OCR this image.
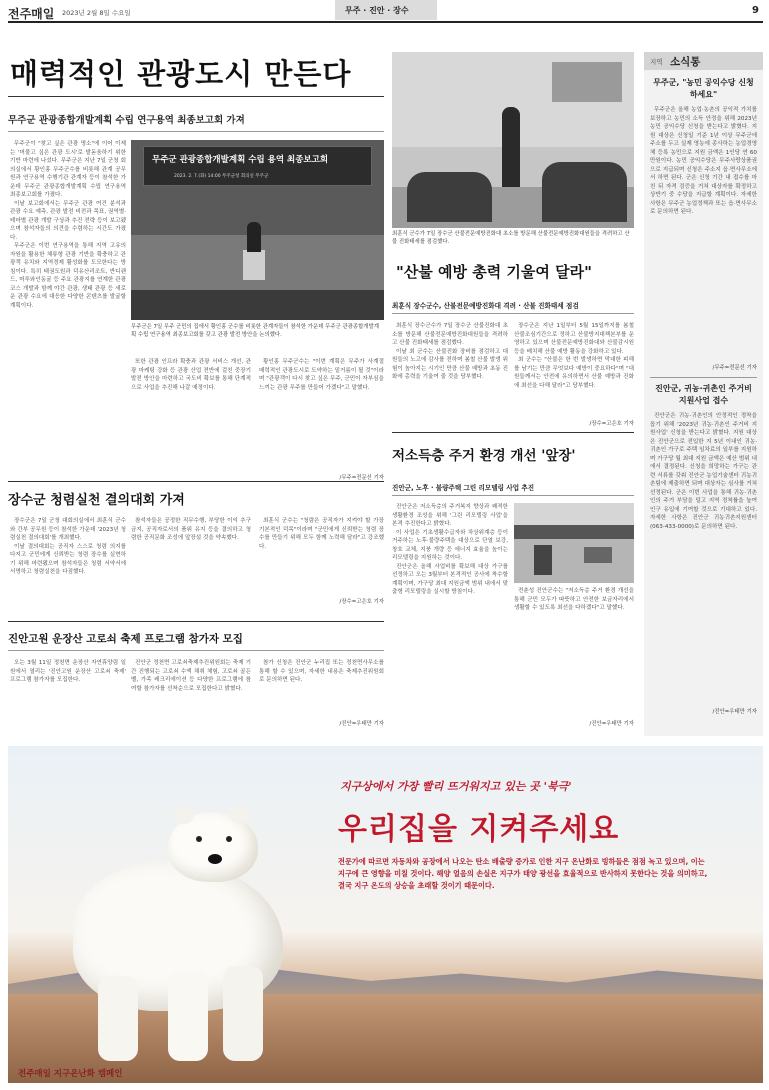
전주매일 2023년 2월 8일 수요일	무주 · 진안 · 장수	9
매력적인 관광도시 만든다
무주군 관광종합개발계획 수립 연구용역 최종보고회 가져

무주군이 "찾고 싶은 관광 명소"에 이어 이제는 '머물고 싶은 관광 도시'로 발돋움하기 위한 기반 마련에 나섰다. 무주군은 지난 7일 군청 회의실에서 황인홍 무주군수를 비롯해 관계 공무원과 연구용역 수행기관 관계자 등이 참석한 가운데 무주군 관광종합개발계획 수립 연구용역 최종보고회를 가졌다.

이날 보고회에서는 무주군 관광 여건 분석과 관광 수요 예측, 관광 발전 비전과 목표, 권역별·테마별 관광 개발 구상과 추진 전략 등이 보고됐으며 참석자들의 의견을 수렴하는 시간도 가졌다.

무주군은 이번 연구용역을 통해 지역 고유의 자원을 활용한 체류형 관광 기반을 확충하고 관광객 유치와 지역경제 활성화를 도모한다는 방침이다. 특히 태권도원과 덕유산리조트, 반디랜드, 머루와인동굴 등 주요 관광지를 연계한 관광 코스 개발과 함께 야간 관광, 생태 관광 등 새로운 관광 수요에 대응한 다양한 콘텐츠를 발굴할 계획이다.

무주군 관광종합개발계획 수립 용역 최종보고회
2023. 2. 7.(화) 14:00 무주군청 회의실 무주군
무주군은 7일 무주 군민의 집에서 황인홍 군수를 비롯한 관계자들이 참석한 가운데 무주군 관광종합개발계획 수립 연구용역 최종보고회를 갖고 관광 발전 방안을 논의했다.

또한 관광 인프라 확충과 관광 서비스 개선, 관광 마케팅 강화 등 관광 산업 전반에 걸친 중장기 발전 방안을 마련하고 국도비 확보를 통해 단계적으로 사업을 추진해 나갈 예정이다.

황인홍 무주군수는 "이번 계획은 무주가 사계절 매력적인 관광도시로 도약하는 밑거름이 될 것"이라며 "관광객이 다시 찾고 싶은 무주, 군민이 자부심을 느끼는 관광 무주를 만들어 가겠다"고 말했다.

/무주=전문선 기자
최훈식 군수가 7일 장수군 산불전문예방진화대 초소를 방문해 산불전문예방진화대원들을 격려하고 산불 진화태세를 점검했다.
"산불 예방 총력 기울여 달라"
최훈식 장수군수, 산불전문예방진화대 격려 · 산불 진화태세 점검

최훈식 장수군수가 7일 장수군 산불진화대 초소를 방문해 산불전문예방진화대원들을 격려하고 산불 진화태세를 점검했다.

이날 최 군수는 산불진화 장비를 점검하고 대원들의 노고에 감사를 전하며 봄철 산불 발생 위험이 높아지는 시기인 만큼 산불 예방과 초동 진화에 총력을 기울여 줄 것을 당부했다.

장수군은 지난 1일부터 5월 15일까지를 봄철 산불조심기간으로 정하고 산불방지대책본부를 운영하고 있으며 산불전문예방진화대와 산불감시원 등을 배치해 산불 예방 활동을 강화하고 있다.

최 군수는 "산불은 한 번 발생하면 막대한 피해를 남기는 만큼 무엇보다 예방이 중요하다"며 "대원들께서는 안전에 유의하면서 산불 예방과 진화에 최선을 다해 달라"고 당부했다.

/장수=고은호 기자
저소득층 주거 환경 개선 '앞장'
진안군, 노후 · 불량주택 그린 리모델링 사업 추진

진안군은 저소득층의 주거복지 향상과 쾌적한 생활환경 조성을 위해 '그린 리모델링 사업'을 본격 추진한다고 밝혔다.

이 사업은 기초생활수급자와 차상위계층 등이 거주하는 노후·불량주택을 대상으로 단열 보강, 창호 교체, 지붕 개량 등 에너지 효율을 높이는 리모델링을 지원하는 것이다.

진안군은 올해 사업비를 확보해 대상 가구를 선정하고 오는 3월부터 본격적인 공사에 착수할 계획이며, 가구당 최대 지원금액 범위 내에서 맞춤형 리모델링을 실시할 방침이다.	전춘성 진안군수는 "저소득층 주거 환경 개선을 통해 군민 모두가 따뜻하고 안전한 보금자리에서 생활할 수 있도록 최선을 다하겠다"고 말했다.

/진안=우태만 기자
장수군 청렴실천 결의대회 가져

장수군은 7일 군청 대회의실에서 최훈식 군수와 간부 공무원 등이 참석한 가운데 '2023년 청렴실천 결의대회'를 개최했다.

이날 결의대회는 공직자 스스로 청렴 의지를 다지고 군민에게 신뢰받는 청렴 장수를 실현하기 위해 마련됐으며 참석자들은 청렴 서약서에 서명하고 청렴실천을 다짐했다.

참석자들은 공정한 직무수행, 부당한 이익 추구 금지, 공직자로서의 품위 유지 등을 결의하고 청렴한 공직문화 조성에 앞장설 것을 약속했다.

최훈식 군수는 "청렴은 공직자가 지켜야 할 가장 기본적인 덕목"이라며 "군민에게 신뢰받는 청렴 장수를 만들기 위해 모두 함께 노력해 달라"고 강조했다.

/장수=고은호 기자
진안고원 운장산 고로쇠 축제 프로그램 참가자 모집

오는 3월 11일 정천면 운장산 자연휴양림 일원에서 열리는 '진안고원 운장산 고로쇠 축제' 프로그램 참가자를 모집한다.

진안군 정천면 고로쇠축제추진위원회는 축제 기간 진행되는 고로쇠 수액 채취 체험, 고로쇠 골든벨, 가족 레크리에이션 등 다양한 프로그램에 참여할 참가자를 선착순으로 모집한다고 밝혔다.

참가 신청은 진안군 누리집 또는 정천면사무소를 통해 할 수 있으며, 자세한 내용은 축제추진위원회로 문의하면 된다.

/진안=우태만 기자
지역 소식통
무주군, "농민 공익수당 신청하세요"

무주군은 올해 농업·농촌의 공익적 가치를 보장하고 농민의 소득 안정을 위해 2023년 농민 공익수당 신청을 받는다고 밝혔다. 지원 대상은 신청일 기준 1년 이상 무주군에 주소를 두고 실제 영농에 종사하는 농업경영체 등록 농민으로 지원 금액은 1인당 연 60만원이다. 농민 공익수당은 무주사랑상품권으로 지급되며 신청은 주소지 읍·면사무소에서 하면 된다. 군은 신청 기간 내 접수를 마친 뒤 자격 검증을 거쳐 대상자를 확정하고 상반기 중 수당을 지급할 계획이다. 자세한 사항은 무주군 농업정책과 또는 읍·면사무소로 문의하면 된다.

/무주=전문선 기자
진안군, 귀농·귀촌인 주거비 지원사업 접수

진안군은 귀농·귀촌인의 안정적인 정착을 돕기 위해 '2023년 귀농·귀촌인 주거비 지원사업' 신청을 받는다고 밝혔다. 지원 대상은 진안군으로 전입한 지 5년 이내인 귀농·귀촌인 가구로 주택 임차료의 일부를 지원하며 가구당 월 최대 지원 금액은 예산 범위 내에서 결정된다. 신청을 희망하는 가구는 관련 서류를 갖춰 진안군 농업기술센터 귀농귀촌팀에 제출하면 되며 대상자는 심사를 거쳐 선정된다. 군은 이번 사업을 통해 귀농·귀촌인의 주거 부담을 덜고 지역 정착률을 높여 인구 유입에 기여할 것으로 기대하고 있다. 자세한 사항은 진안군 귀농귀촌지원센터(063-433-0000)로 문의하면 된다.

/진안=우태만 기자
지구상에서 가장 빨리 뜨거워지고 있는 곳 '북극'
우리집을 지켜주세요
전문가에 따르면 자동차와 공장에서 나오는 탄소 배출량 증가로 인한 지구 온난화로 빙하들은 점점 녹고 있으며, 이는 지구에 큰 영향을 미칠 것이다. 해양 얼음의 손실은 지구가 태양 광선을 효율적으로 반사하지 못한다는 것을 의미하고, 결국 지구 온도의 상승을 초래할 것이기 때문이다.
전주매일 지구온난화 캠페인
